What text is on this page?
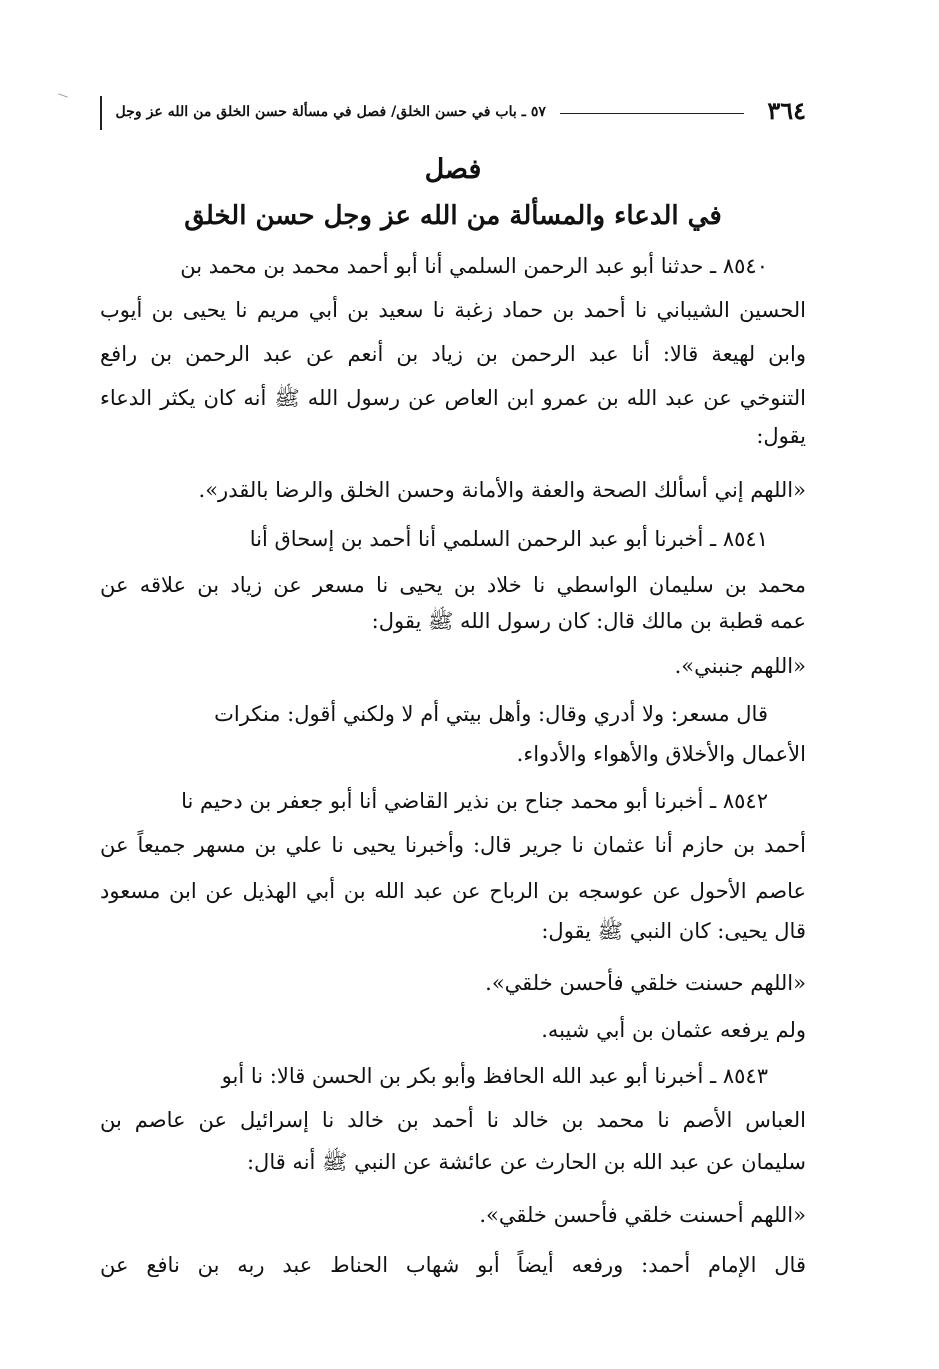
٣٦٤
٥٧ ـ باب في حسن الخلق/ فصل في مسألة حسن الخلق من الله عز وجل
فصل
في الدعاء والمسألة من الله عز وجل حسن الخلق
٨٥٤٠ ـ حدثنا أبو عبد الرحمن السلمي أنا أبو أحمد محمد بن محمد بن
الحسين الشيباني نا أحمد بن حماد زغبة نا سعيد بن أبي مريم نا يحيى بن أيوب
وابن لهيعة قالا: أنا عبد الرحمن بن زياد بن أنعم عن عبد الرحمن بن رافع
التنوخي عن عبد الله بن عمرو ابن العاص عن رسول الله ﷺ أنه كان يكثر الدعاء
يقول:
«اللهم إني أسألك الصحة والعفة والأمانة وحسن الخلق والرضا بالقدر».
٨٥٤١ ـ أخبرنا أبو عبد الرحمن السلمي أنا أحمد بن إسحاق أنا
محمد بن سليمان الواسطي نا خلاد بن يحيى نا مسعر عن زياد بن علاقه عن
عمه قطبة بن مالك قال: كان رسول الله ﷺ يقول:
«اللهم جنبني».
قال مسعر: ولا أدري وقال: وأهل بيتي أم لا ولكني أقول: منكرات
الأعمال والأخلاق والأهواء والأدواء.
٨٥٤٢ ـ أخبرنا أبو محمد جناح بن نذير القاضي أنا أبو جعفر بن دحيم نا
أحمد بن حازم أنا عثمان نا جرير قال: وأخبرنا يحيى نا علي بن مسهر جميعاً عن
عاصم الأحول عن عوسجه بن الرباح عن عبد الله بن أبي الهذيل عن ابن مسعود
قال يحيى: كان النبي ﷺ يقول:
«اللهم حسنت خلقي فأحسن خلقي».
ولم يرفعه عثمان بن أبي شيبه.
٨٥٤٣ ـ أخبرنا أبو عبد الله الحافظ وأبو بكر بن الحسن قالا: نا أبو
العباس الأصم نا محمد بن خالد نا أحمد بن خالد نا إسرائيل عن عاصم بن
سليمان عن عبد الله بن الحارث عن عائشة عن النبي ﷺ أنه قال:
«اللهم أحسنت خلقي فأحسن خلقي».
قال الإمام أحمد: ورفعه أيضاً أبو شهاب الحناط عبد ربه بن نافع عن
